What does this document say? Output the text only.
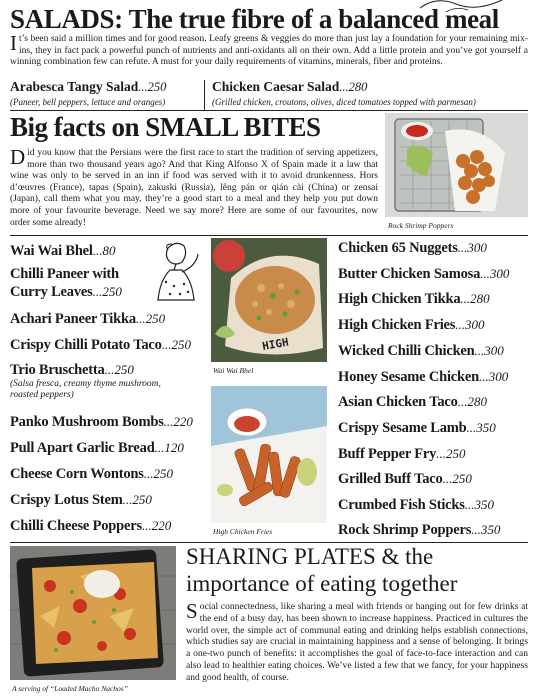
SALADS: The true fibre of a balanced meal
It’s been said a million times and for good reason. Leafy greens & veggies do more than just lay a foundation for your remaining mix-ins, they in fact pack a powerful punch of nutrients and anti-oxidants all on their own. Add a little protein and you’ve got yourself a winning combination few can refute. A must for your daily requirements of vitamins, minerals, fiber and proteins.
Arabesca Tangy Salad...250
(Paneer, bell peppers, lettuce and oranges)
Chicken Caesar Salad...280
(Grilled chicken, croutons, olives, diced tomatoes topped with parmesan)
Big facts on SMALL BITES
Did you know that the Persians were the first race to start the tradition of serving appetizers, more than two thousand years ago? And that King Alfonso X of Spain made it a law that wine was only to be served in an inn if food was served with it to avoid drunkenness. Hors d’œuvres (France), tapas (Spain), zakuski (Russia), lêng pán or qián cài (China) or zensai (Japan), call them what you may, they’re a good start to a meal and they help you put down more of your favourite beverage. Need we say more? Here are some of our favourites, now order some already!	Rock Shrimp Poppers
Wai Wai Bhel...80
Chilli Paneer with
Curry Leaves...250
Achari Paneer Tikka...250
Crispy Chilli Potato Taco...250
Trio Bruschetta...250
(Salsa fresca, creamy thyme mushroom, roasted peppers)
Panko Mushroom Bombs...220
Pull Apart Garlic Bread...120
Cheese Corn Wontons...250
Crispy Lotus Stem...250
Chilli Cheese Poppers...220
HIGH
Wai Wai Bhel
High Chicken Fries
Chicken 65 Nuggets...300
Butter Chicken Samosa...300
High Chicken Tikka...280
High Chicken Fries...300
Wicked Chilli Chicken...300
Honey Sesame Chicken...300
Asian Chicken Taco...280
Crispy Sesame Lamb...350
Buff Pepper Fry...250
Grilled Buff Taco...250
Crumbed Fish Sticks...350
Rock Shrimp Poppers...350
A serving of “Loaded Macho Nachos”
SHARING PLATES & the
importance of eating together
Social connectedness, like sharing a meal with friends or hanging out for few drinks at the end of a busy day, has been shown to increase happiness. Practiced in cultures the world over, the simple act of communal eating and drinking helps establish connections, which studies say are crucial in maintaining happiness and a sense of belonging. It brings a one-two punch of benefits: it accomplishes the goal of face-to-face interaction and can also lead to healthier eating choices. We’ve listed a few that we fancy, for your happiness and good health, of course.
